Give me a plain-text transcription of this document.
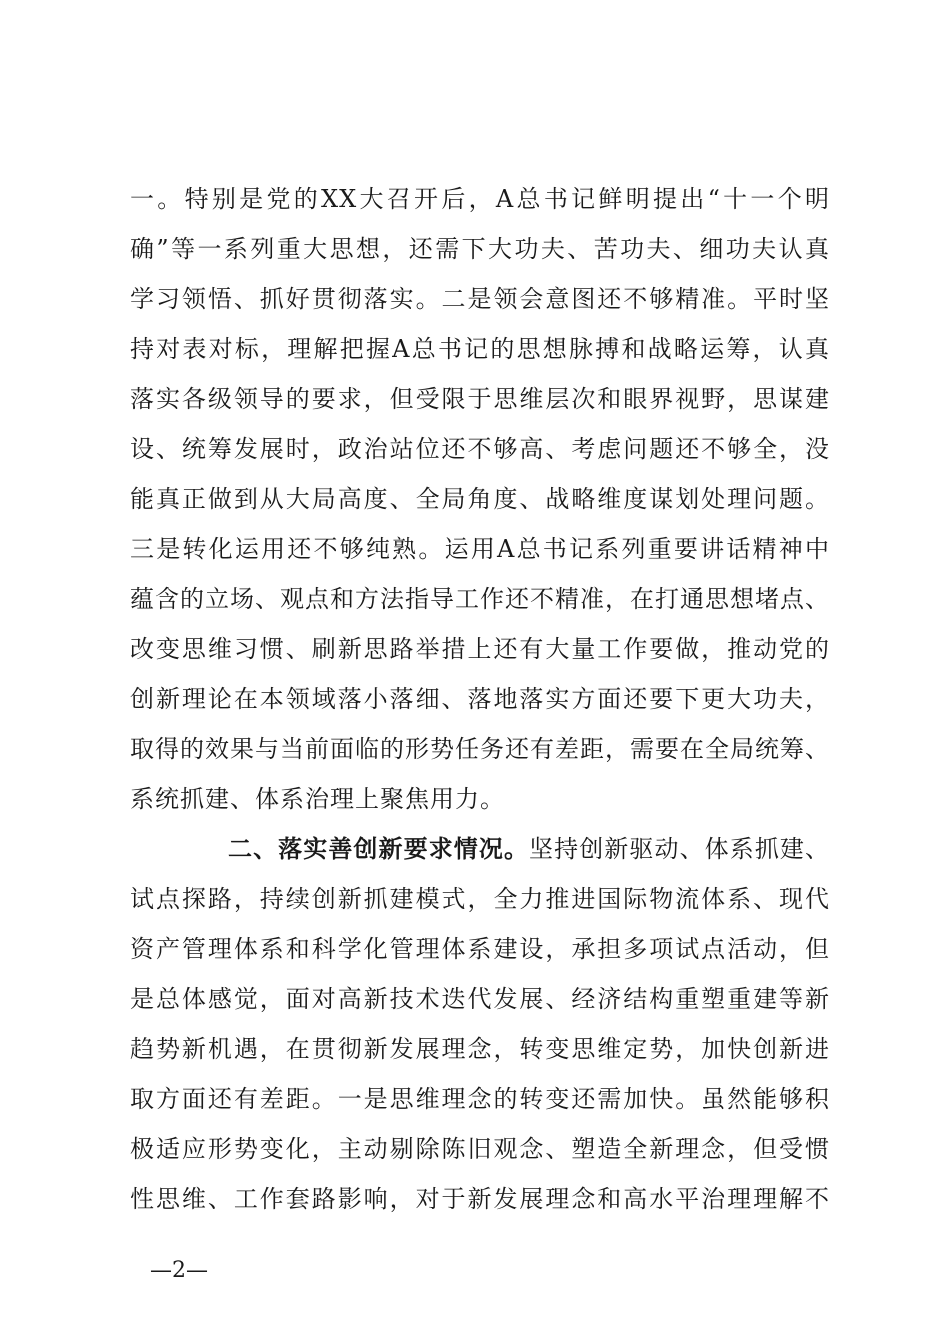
一。特别是党的XX大召开后，A总书记鲜明提出“十一个明
确”等一系列重大思想，还需下大功夫、苦功夫、细功夫认真
学习领悟、抓好贯彻落实。二是领会意图还不够精准。平时坚
持对表对标，理解把握A总书记的思想脉搏和战略运筹，认真
落实各级领导的要求，但受限于思维层次和眼界视野，思谋建
设、统筹发展时，政治站位还不够高、考虑问题还不够全，没
能真正做到从大局高度、全局角度、战略维度谋划处理问题。
三是转化运用还不够纯熟。运用A总书记系列重要讲话精神中
蕴含的立场、观点和方法指导工作还不精准，在打通思想堵点、
改变思维习惯、刷新思路举措上还有大量工作要做，推动党的
创新理论在本领域落小落细、落地落实方面还要下更大功夫，
取得的效果与当前面临的形势任务还有差距，需要在全局统筹、
系统抓建、体系治理上聚焦用力。
二、落实善创新要求情况。坚持创新驱动、体系抓建、
试点探路，持续创新抓建模式，全力推进国际物流体系、现代
资产管理体系和科学化管理体系建设，承担多项试点活动，但
是总体感觉，面对高新技术迭代发展、经济结构重塑重建等新
趋势新机遇，在贯彻新发展理念，转变思维定势，加快创新进
取方面还有差距。一是思维理念的转变还需加快。虽然能够积
极适应形势变化，主动剔除陈旧观念、塑造全新理念，但受惯
性思维、工作套路影响，对于新发展理念和高水平治理理解不
—2—
